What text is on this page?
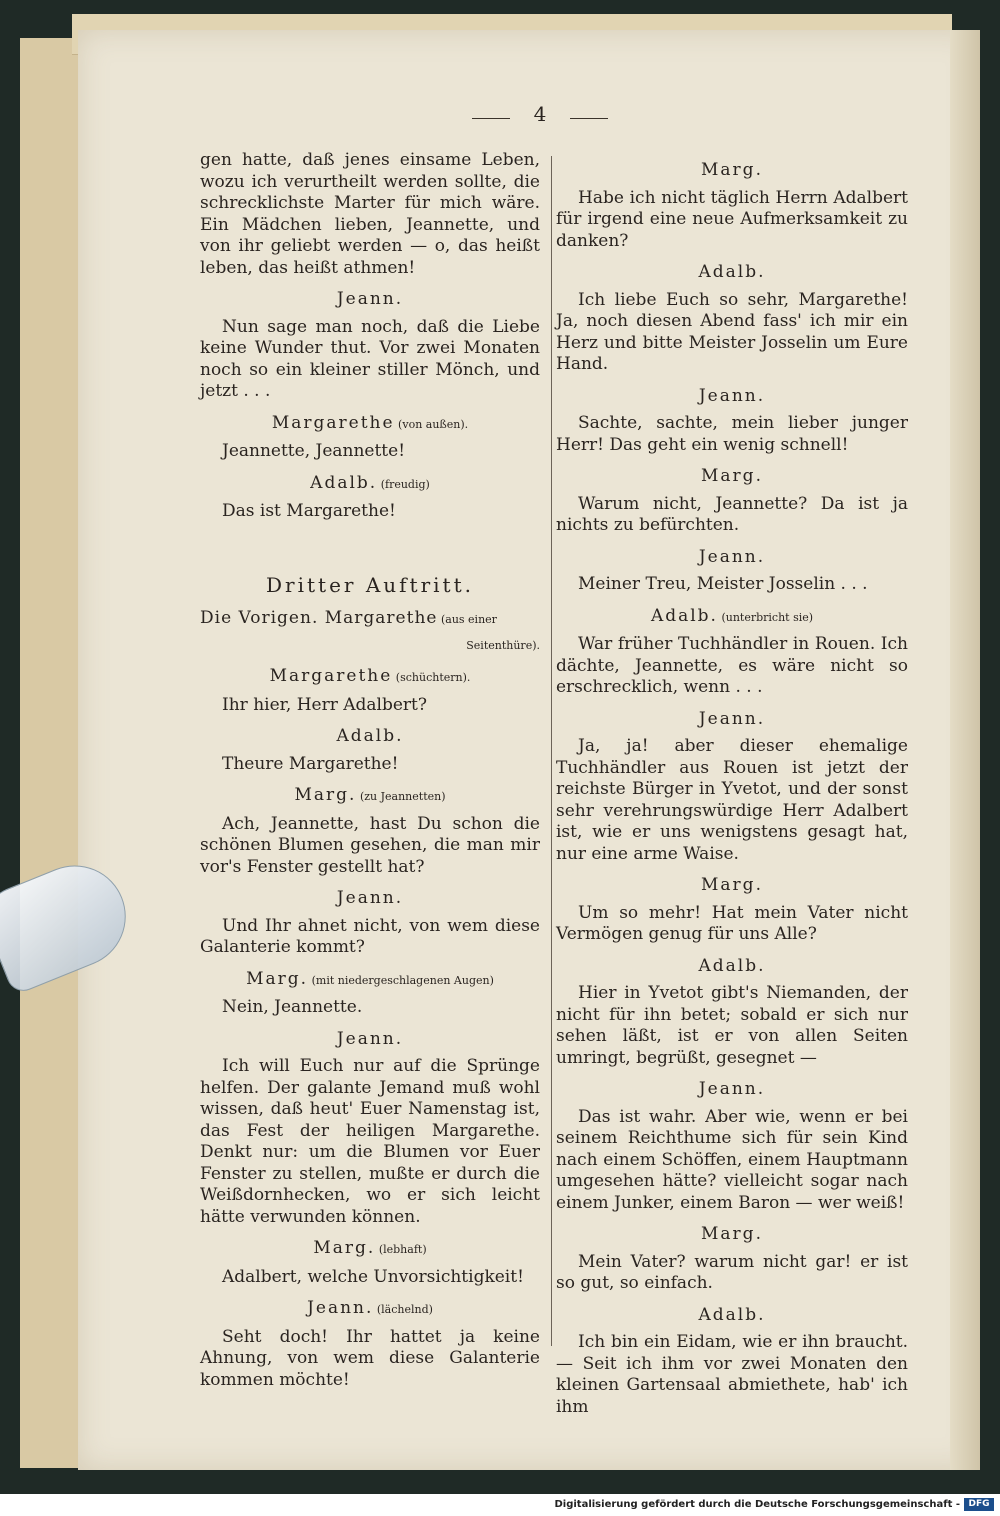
4

gen hatte, daß jenes einsame Leben, wozu ich verurtheilt werden sollte, die schrecklichste Marter für mich wäre. Ein Mädchen lieben, Jeannette, und von ihr geliebt werden — o, das heißt leben, das heißt athmen!

Jeann.

Nun sage man noch, daß die Liebe keine Wunder thut. Vor zwei Monaten noch so ein kleiner stiller Mönch, und jetzt . . .

Margarethe (von außen).

Jeannette, Jeannette!

Adalb. (freudig)

Das ist Margarethe!

Dritter Auftritt.
Die Vorigen. Margarethe (aus einer
Seitenthüre).
Margarethe (schüchtern).

Ihr hier, Herr Adalbert?

Adalb.

Theure Margarethe!

Marg. (zu Jeannetten)

Ach, Jeannette, hast Du schon die schönen Blumen gesehen, die man mir vor's Fenster gestellt hat?

Jeann.

Und Ihr ahnet nicht, von wem diese Galanterie kommt?

Marg. (mit niedergeschlagenen Augen)

Nein, Jeannette.

Jeann.

Ich will Euch nur auf die Sprünge helfen. Der galante Jemand muß wohl wissen, daß heut' Euer Namenstag ist, das Fest der heiligen Margarethe. Denkt nur: um die Blumen vor Euer Fenster zu stellen, mußte er durch die Weißdornhecken, wo er sich leicht hätte verwunden können.

Marg. (lebhaft)

Adalbert, welche Unvorsichtigkeit!

Jeann. (lächelnd)

Seht doch! Ihr hattet ja keine Ahnung, von wem diese Galanterie kommen möchte!

Marg.

Habe ich nicht täglich Herrn Adalbert für irgend eine neue Aufmerksamkeit zu danken?

Adalb.

Ich liebe Euch so sehr, Margarethe! Ja, noch diesen Abend fass' ich mir ein Herz und bitte Meister Josselin um Eure Hand.

Jeann.

Sachte, sachte, mein lieber junger Herr! Das geht ein wenig schnell!

Marg.

Warum nicht, Jeannette? Da ist ja nichts zu befürchten.

Jeann.

Meiner Treu, Meister Josselin . . .

Adalb. (unterbricht sie)

War früher Tuchhändler in Rouen. Ich dächte, Jeannette, es wäre nicht so erschrecklich, wenn . . .

Jeann.

Ja, ja! aber dieser ehemalige Tuchhändler aus Rouen ist jetzt der reichste Bürger in Yvetot, und der sonst sehr verehrungswürdige Herr Adalbert ist, wie er uns wenigstens gesagt hat, nur eine arme Waise.

Marg.

Um so mehr! Hat mein Vater nicht Vermögen genug für uns Alle?

Adalb.

Hier in Yvetot gibt's Niemanden, der nicht für ihn betet; sobald er sich nur sehen läßt, ist er von allen Seiten umringt, begrüßt, gesegnet —

Jeann.

Das ist wahr. Aber wie, wenn er bei seinem Reichthume sich für sein Kind nach einem Schöffen, einem Hauptmann umgesehen hätte? vielleicht sogar nach einem Junker, einem Baron — wer weiß!

Marg.

Mein Vater? warum nicht gar! er ist so gut, so einfach.

Adalb.

Ich bin ein Eidam, wie er ihn braucht. — Seit ich ihm vor zwei Monaten den kleinen Gartensaal abmiethete, hab' ich ihm

Digitalisierung gefördert durch die Deutsche Forschungsgemeinschaft - DFG
